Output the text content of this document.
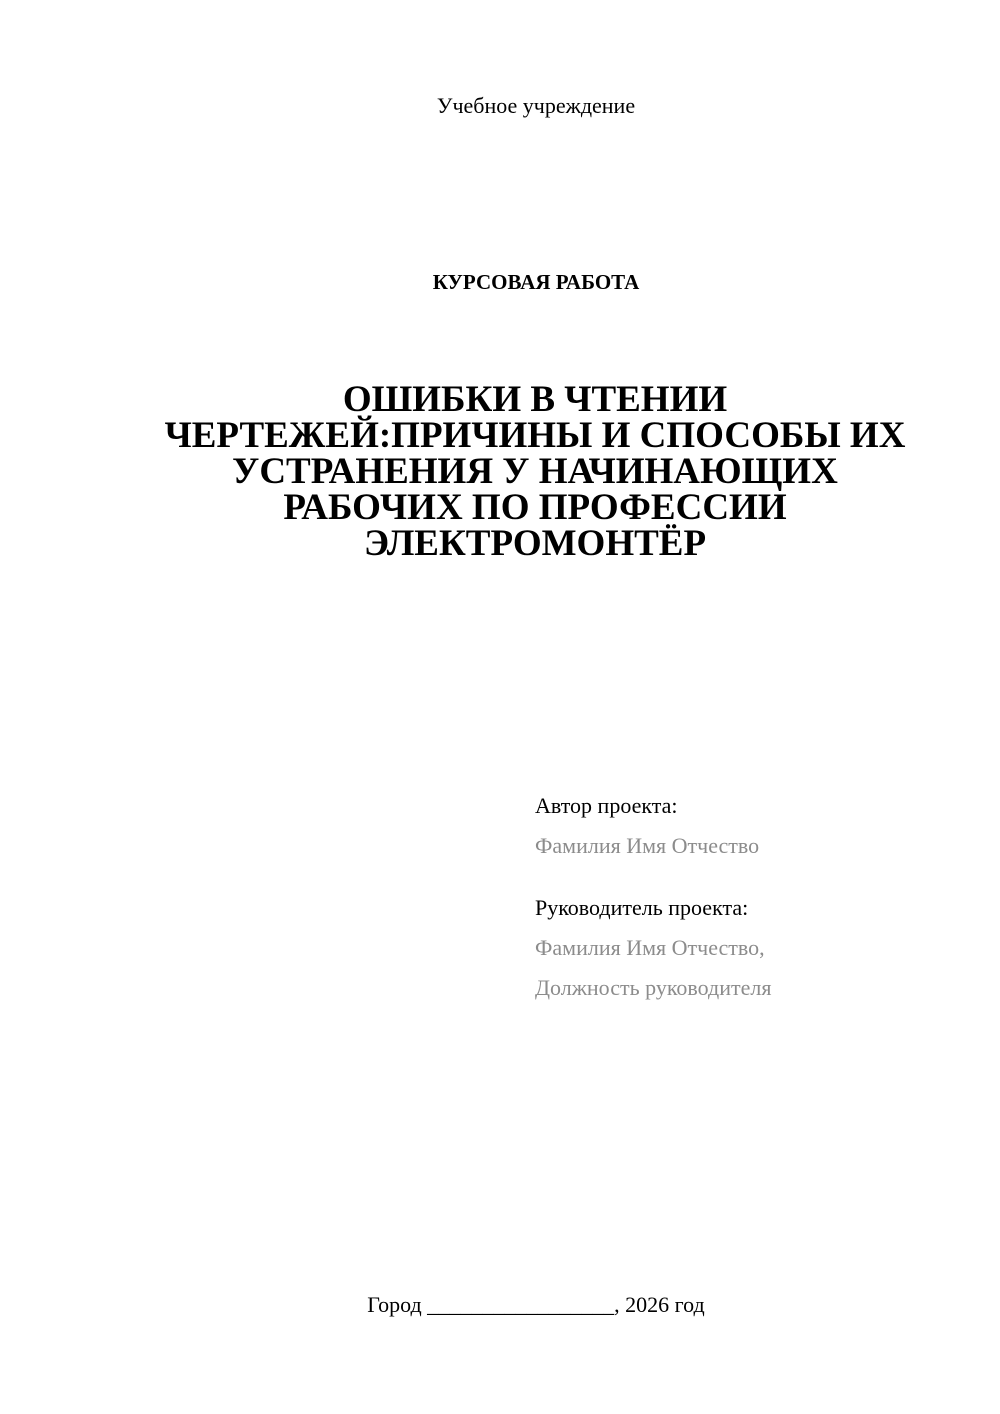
Учебное учреждение
КУРСОВАЯ РАБОТА
ОШИБКИ В ЧТЕНИИ
ЧЕРТЕЖЕЙ:ПРИЧИНЫ И СПОСОБЫ ИХ
УСТРАНЕНИЯ У НАЧИНАЮЩИХ
РАБОЧИХ ПО ПРОФЕССИИ
ЭЛЕКТРОМОНТЁР
Автор проекта:
Фамилия Имя Отчество
Руководитель проекта:
Фамилия Имя Отчество,
Должность руководителя
Город _________________, 2026 год
